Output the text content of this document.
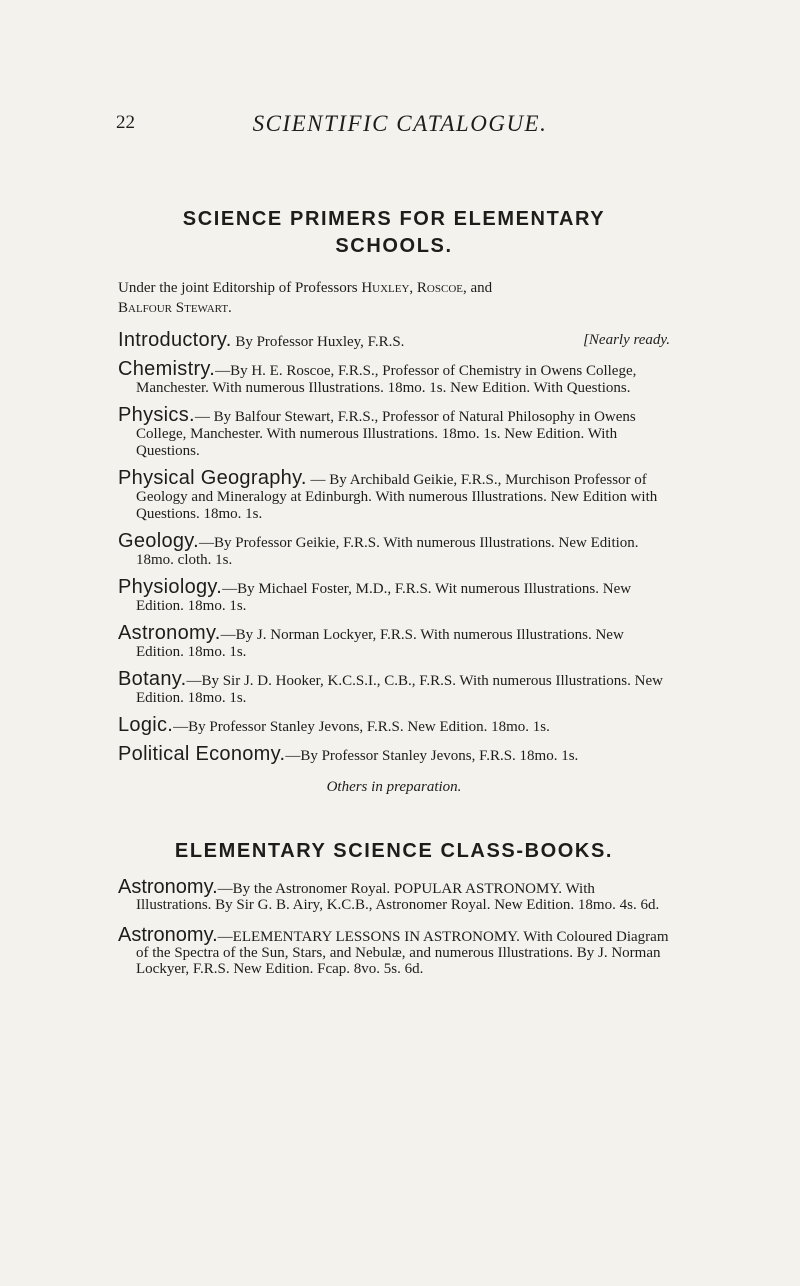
22	SCIENTIFIC CATALOGUE.
SCIENCE PRIMERS FOR ELEMENTARY
SCHOOLS.

Under the joint Editorship of Professors Huxley, Roscoe, and
Balfour Stewart.

Introductory. By Professor Huxley, F.R.S.	[Nearly ready.

Chemistry.—By H. E. Roscoe, F.R.S., Professor of Chemistry in Owens College, Manchester. With numerous Illustrations. 18mo. 1s. New Edition. With Questions.

Physics.— By Balfour Stewart, F.R.S., Professor of Natural Philosophy in Owens College, Manchester. With numerous Illustrations. 18mo. 1s. New Edition. With Questions.

Physical Geography. — By Archibald Geikie, F.R.S., Murchison Professor of Geology and Mineralogy at Edinburgh. With numerous Illustrations. New Edition with Questions. 18mo. 1s.

Geology.—By Professor Geikie, F.R.S. With numerous Illustrations. New Edition. 18mo. cloth. 1s.

Physiology.—By Michael Foster, M.D., F.R.S. Wit numerous Illustrations. New Edition. 18mo. 1s.

Astronomy.—By J. Norman Lockyer, F.R.S. With numerous Illustrations. New Edition. 18mo. 1s.

Botany.—By Sir J. D. Hooker, K.C.S.I., C.B., F.R.S. With numerous Illustrations. New Edition. 18mo. 1s.

Logic.—By Professor Stanley Jevons, F.R.S. New Edition. 18mo. 1s.

Political Economy.—By Professor Stanley Jevons, F.R.S. 18mo. 1s.

Others in preparation.

ELEMENTARY SCIENCE CLASS-BOOKS.

Astronomy.—By the Astronomer Royal. POPULAR ASTRONOMY. With Illustrations. By Sir G. B. Airy, K.C.B., Astronomer Royal. New Edition. 18mo. 4s. 6d.

Astronomy.—ELEMENTARY LESSONS IN ASTRONOMY. With Coloured Diagram of the Spectra of the Sun, Stars, and Nebulæ, and numerous Illustrations. By J. Norman Lockyer, F.R.S. New Edition. Fcap. 8vo. 5s. 6d.
